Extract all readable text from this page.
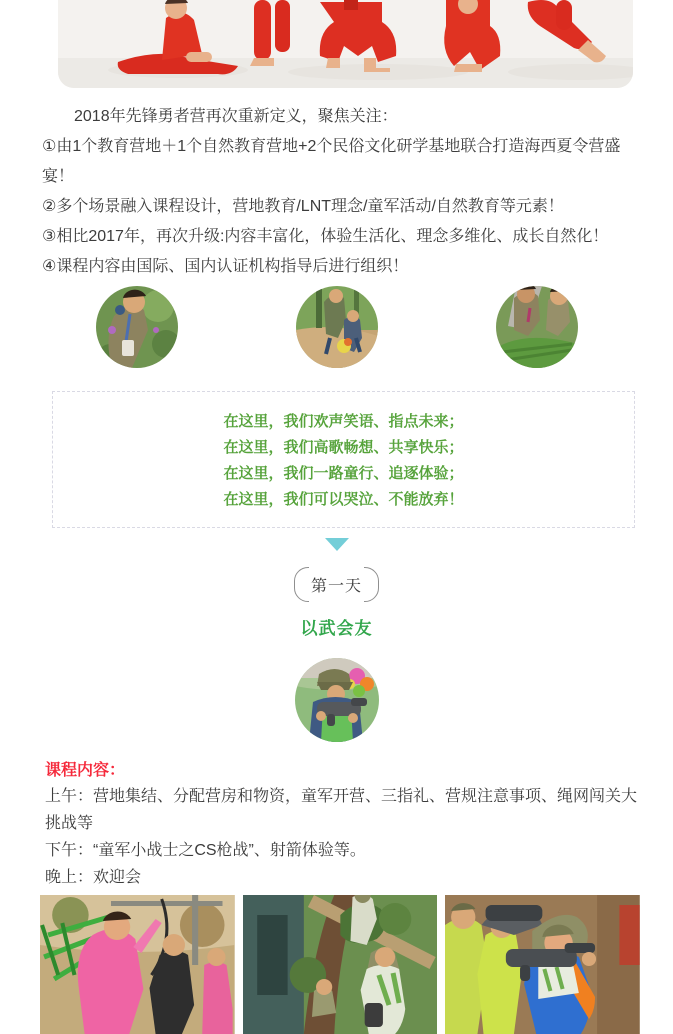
2018年先锋勇者营再次重新定义，聚焦关注：

①由1个教育营地＋1个自然教育营地+2个民俗文化研学基地联合打造海西夏令营盛宴！

②多个场景融入课程设计，营地教育/LNT理念/童军活动/自然教育等元素！

③相比2017年，再次升级:内容丰富化，体验生活化、理念多维化、成长自然化！

④课程内容由国际、国内认证机构指导后进行组织！

在这里，我们欢声笑语、指点未来；

在这里，我们高歌畅想、共享快乐；

在这里，我们一路童行、追逐体验；

在这里，我们可以哭泣、不能放弃！

第一天
以武会友

课程内容：

上午：营地集结、分配营房和物资，童军开营、三指礼、营规注意事项、绳网闯关大挑战等

下午：“童军小战士之CS枪战”、射箭体验等。

晚上：欢迎会
